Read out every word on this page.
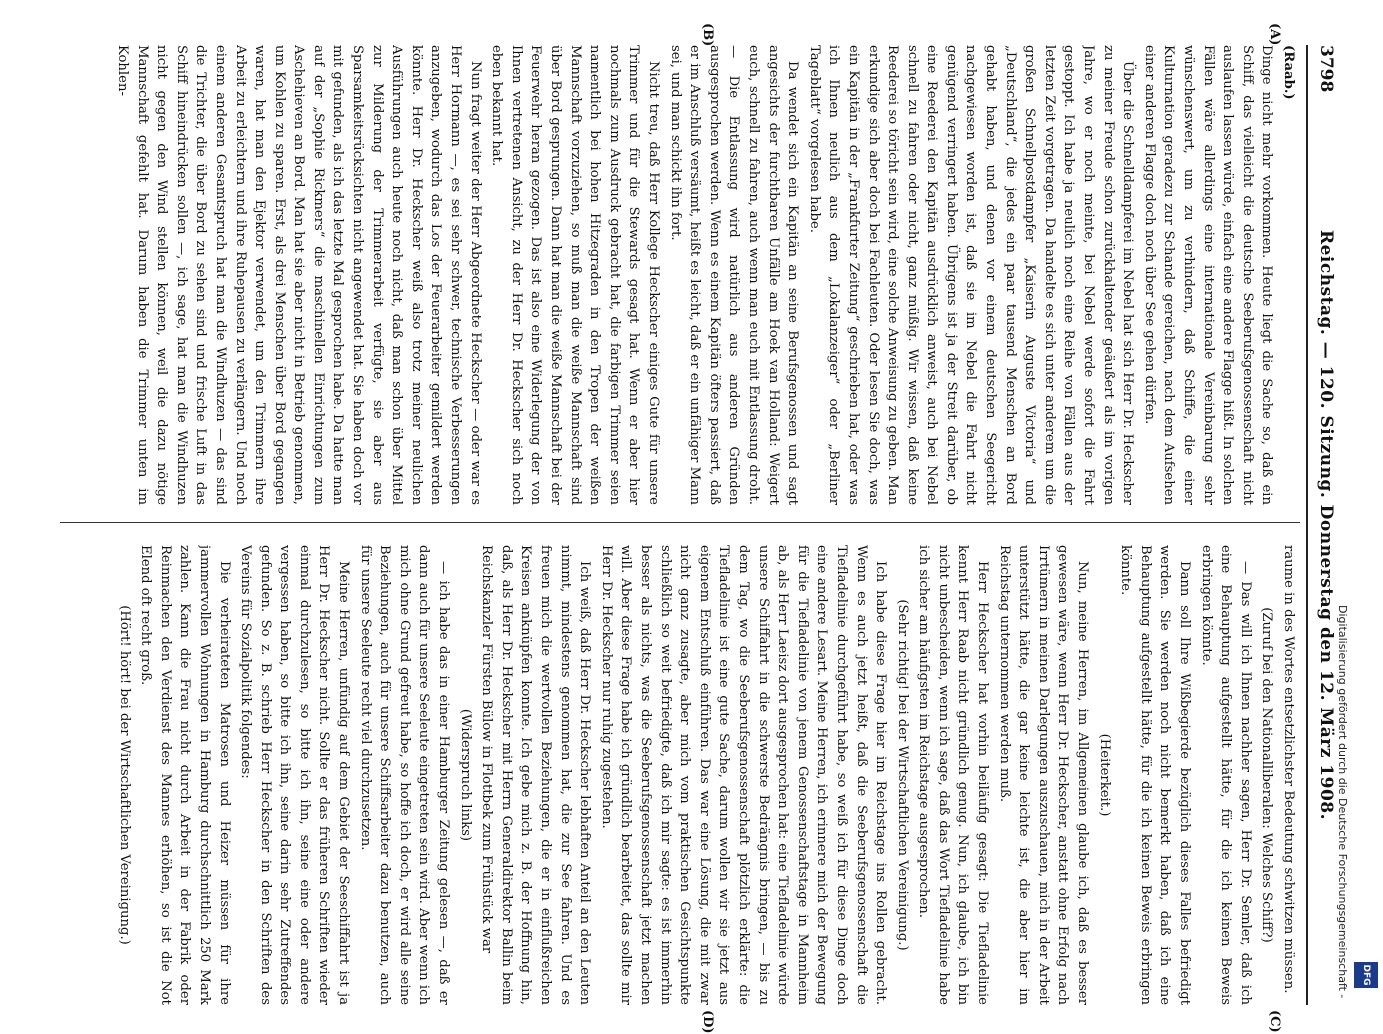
3798
Reichstag. — 120. Sitzung. Donnerstag den 12. März 1908.
(A)
(B)
(C)
(D)

(Raab.)

Dinge nicht mehr vorkommen. Heute liegt die Sache so, daß ein Schiff, das vielleicht die deutsche Seeberufsgenossenschaft nicht auslaufen lassen würde, einfach eine andere Flagge hißt. In solchen Fällen wäre allerdings eine internationale Vereinbarung sehr wünschenswert, um zu verhindern, daß Schiffe, die einer Kulturnation geradezu zur Schande gereichen, nach dem Aufsehen einer anderen Flagge doch noch über See gehen dürfen.

Über die Schnelldampferei im Nebel hat sich Herr Dr. Heckscher zu meiner Freude schon zurückhaltender geäußert als im vorigen Jahre, wo er noch meinte, bei Nebel werde sofort die Fahrt gestoppt. Ich habe ja neulich noch eine Reihe von Fällen aus der letzten Zeit vorgetragen. Da handelte es sich unter anderem um die großen Schnellpostdampfer „Kaiserin Auguste Victoria“ und „Deutschland“, die jedes ein paar tausend Menschen an Bord gehabt haben, und denen vor einem deutschen Seegericht nachgewiesen worden ist, daß sie im Nebel die Fahrt nicht genügend verringert haben. Übrigens ist ja der Streit darüber, ob eine Reederei den Kapitän ausdrücklich anweist, auch bei Nebel schnell zu fahren oder nicht, ganz müßig. Wir wissen, daß keine Reederei so töricht sein wird, eine solche Anweisung zu geben. Man erkundige sich aber doch bei Fachleuten. Oder lesen Sie doch, was ein Kapitän in der „Frankfurter Zeitung“ geschrieben hat, oder was ich Ihnen neulich aus dem „Lokalanzeiger“ oder „Berliner Tageblatt“ vorgelesen habe.

Da wendet sich ein Kapitän an seine Berufsgenossen und sagt angesichts der furchtbaren Unfälle am Hoek van Holland: Weigert euch, schnell zu fahren, auch wenn man euch mit Entlassung droht. — Die Entlassung wird natürlich aus anderen Gründen ausgesprochen werden. Wenn es einem Kapitän öfters passiert, daß er im Anschluß versäumt, heißt es leicht, daß er ein unfähiger Mann sei, und man schickt ihn fort.

Nicht treu, daß Herr Kollege Heckscher einiges Gute für unsere Trimmer und für die Stewards gesagt hat. Wenn er aber hier nochmals zum Ausdruck gebracht hat, die farbigen Trimmer seien namentlich bei hohen Hitzegraden in den Tropen der weißen Mannschaft vorzuziehen, so muß man die weiße Mannschaft sind über Bord gesprungen. Dann hat man die weiße Mannschaft bei der Feuerwehr heran gezogen. Das ist also eine Widerlegung der von Ihnen vertretenen Ansicht, zu der Herr Dr. Heckscher sich noch eben bekannt hat.

Nun fragt weiter der Herr Abgeordnete Heckscher — oder war es Herr Hormann —, es sei sehr schwer, technische Verbesserungen anzugeben, wodurch das Los der Feuerarbeiter gemildert werden könnte. Herr Dr. Heckscher weiß also trotz meiner neulichen Ausführungen auch heute noch nicht, daß man schon über Mittel zur Milderung der Trimmerarbeit verfügte, sie aber aus Sparsamkeitsrücksichten nicht angewendet hat. Sie haben doch vor mit gefunden, als ich das letzte Mal gesprochen habe. Da hatte man auf der „Sophie Rickmers“ die maschinellen Einrichtungen zum Aschehieven an Bord. Man hat sie aber nicht in Betrieb genommen, um Kohlen zu sparen. Erst, als drei Menschen über Bord gegangen waren, hat man den Ejektor verwendet, um den Trimmern ihre Arbeit zu erleichtern und ihre Ruhepausen zu verlängern. Und noch einem anderen Gesamtspruch hat man die Windhuzen — das sind die Trichter, die über Bord zu sehen sind und frische Luft in das Schiff hineindrücken sollen —, ich sage, hat man die Windhuzen nicht gegen den Wind stellen können, weil die dazu nötige Mannschaft gefehlt hat. Darum haben die Trimmer unten im Kohlen-

raume in des Wortes entsetzlichster Bedeutung schwitzen müssen.

(Zuruf bei den Nationalliberalen: Welches Schiff?)

— Das will ich Ihnen nachher sagen, Herr Dr. Semler, daß ich eine Behauptung aufgestellt hätte, für die ich keinen Beweis erbringen könnte.

Dann soll Ihre Wißbegierde bezüglich dieses Falles befriedigt werden. Sie werden noch nicht bemerkt haben, daß ich eine Behauptung aufgestellt hätte, für die ich keinen Beweis erbringen könnte.

(Heiterkeit.)

Nun, meine Herren, im Allgemeinen glaube ich, daß es besser gewesen wäre, wenn Herr Dr. Heckscher, anstatt ohne Erfolg nach Irrtümern in meinen Darlegungen auszuschauen, mich in der Arbeit unterstützt hätte, die gar keine leichte ist, die aber hier im Reichstag unternommen werden muß.

Herr Heckscher hat vorhin beiläufig gesagt: Die Tiefladelinie kennt Herr Raab nicht gründlich genug. Nun, ich glaube, ich bin nicht unbescheiden, wenn ich sage, daß das Wort Tiefladelinie habe ich sicher am häufigsten im Reichstage ausgesprochen.

(Sehr richtig! bei der Wirtschaftlichen Vereinigung.)

Ich habe diese Frage hier im Reichstage ins Rollen gebracht. Wenn es auch jetzt heißt, daß die Seeberufsgenossenschaft die Tiefladelinie durchgeführt habe, so weiß ich für diese Dinge doch eine andere Lesart. Meine Herren, ich erinnere mich der Bewegung für die Tiefladelinie von jenem Genossenschaftstage in Mannheim ab, als Herr Laeisz dort ausgesprochen hat: eine Tiefladelinie würde unsere Schiffahrt in die schwerste Bedrängnis bringen, — bis zu dem Tag, wo die Seeberufsgenossenschaft plötzlich erklärte: die Tiefladelinie ist eine gute Sache, darum wollen wir sie jetzt aus eigenem Entschluß einführen. Das war eine Lösung, die mit zwar nicht ganz zusagte, aber mich vom praktischen Gesichtspunkte schließlich so weit befriedigte, daß ich mir sagte: es ist immerhin besser als nichts, was die Seeberufsgenossenschaft jetzt machen will. Aber diese Frage habe ich gründlich bearbeitet, das sollte mir Herr Dr. Heckscher nur ruhig zugestehen.

Ich weiß, daß Herr Dr. Heckscher lebhaften Anteil an den Leuten nimmt, mindestens genommen hat, die zur See fahren. Und es freuen mich die wertvollen Beziehungen, die er in einflußreichen Kreisen anknüpfen konnte. Ich gebe mich z. B. der Hoffnung hin, daß, als Herr Dr. Heckscher mit Herrn Generaldirektor Ballin beim Reichskanzler Fürsten Bülow in Flottbek zum Frühstück war

(Widerspruch links)

— ich habe das in einer Hamburger Zeitung gelesen —, daß er dann auch für unsere Seeleute eingetreten sein wird. Aber wenn ich mich ohne Grund gefreut habe, so hoffe ich doch, er wird alle seine Beziehungen, auch für unsere Schiffsarbeiter dazu benutzen, auch für unsere Seeleute recht viel durchzusetzen.

Meine Herren, unfündig auf dem Gebiet der Seeschiffahrt ist ja Herr Dr. Heckscher nicht. Sollte er das früheren Schriften wieder einmal durchzulesen, so bitte ich ihn, seine eine oder andere vergessen haben, so bitte ich ihn, seine darin sehr Zutreffendes gefunden. So z. B. schrieb Herr Heckscher in den Schriften des Vereins für Sozialpolitik folgendes:

Die verheirateten Matrosen und Heizer müssen für ihre jammervollen Wohnungen in Hamburg durchschnittlich 250 Mark zahlen. Kann die Frau nicht durch Arbeit in der Fabrik oder Reinmachen den Verdienst des Mannes erhöhen, so ist die Not Elend oft recht groß.

(Hört! hört! bei der Wirtschaftlichen Vereinigung.)	Digitalisierung gefördert durch die Deutsche Forschungsgemeinschaft -	DFG
